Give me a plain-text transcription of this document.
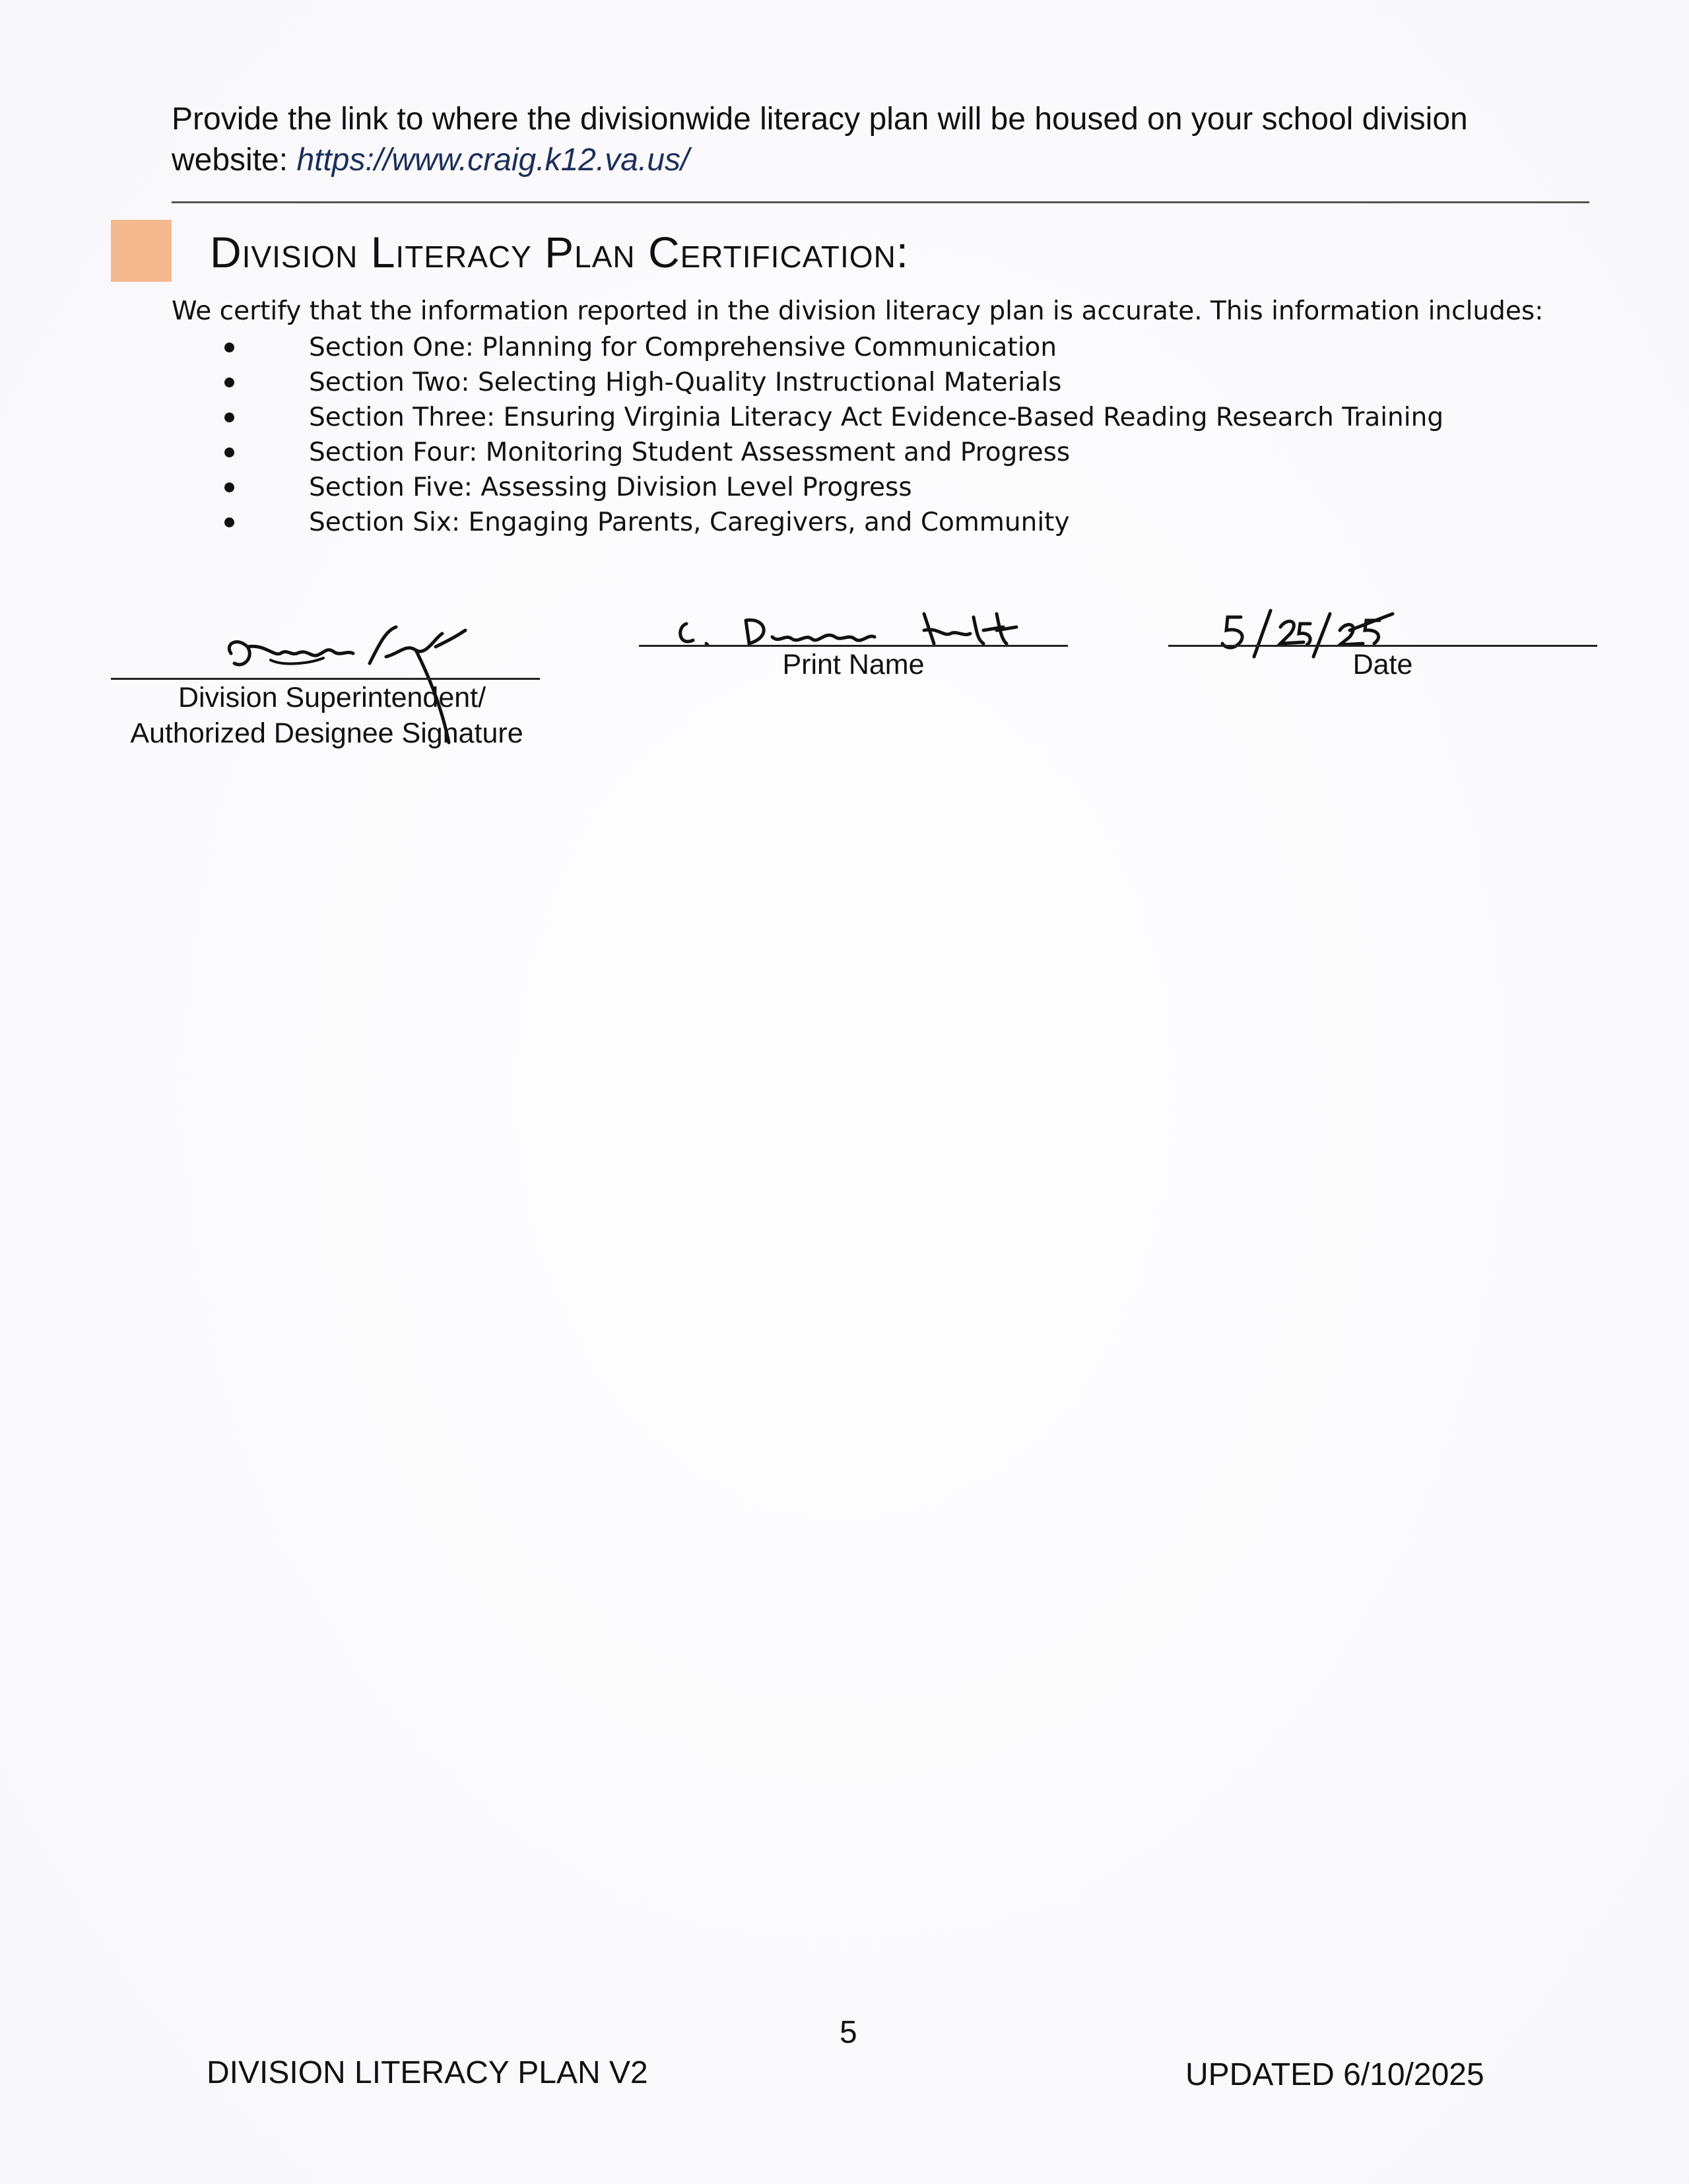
Provide the link to where the divisionwide literacy plan will be housed on your school division website: https://www.craig.k12.va.us/
Division Literacy Plan Certification:
We certify that the information reported in the division literacy plan is accurate. This information includes:
Section One: Planning for Comprehensive Communication
Section Two: Selecting High-Quality Instructional Materials
Section Three: Ensuring Virginia Literacy Act Evidence-Based Reading Research Training
Section Four: Monitoring Student Assessment and Progress
Section Five: Assessing Division Level Progress
Section Six: Engaging Parents, Caregivers, and Community
Division Superintendent/
Authorized Designee Signature
Print Name	Date
5
DIVISION LITERACY PLAN V2	UPDATED 6/10/2025
